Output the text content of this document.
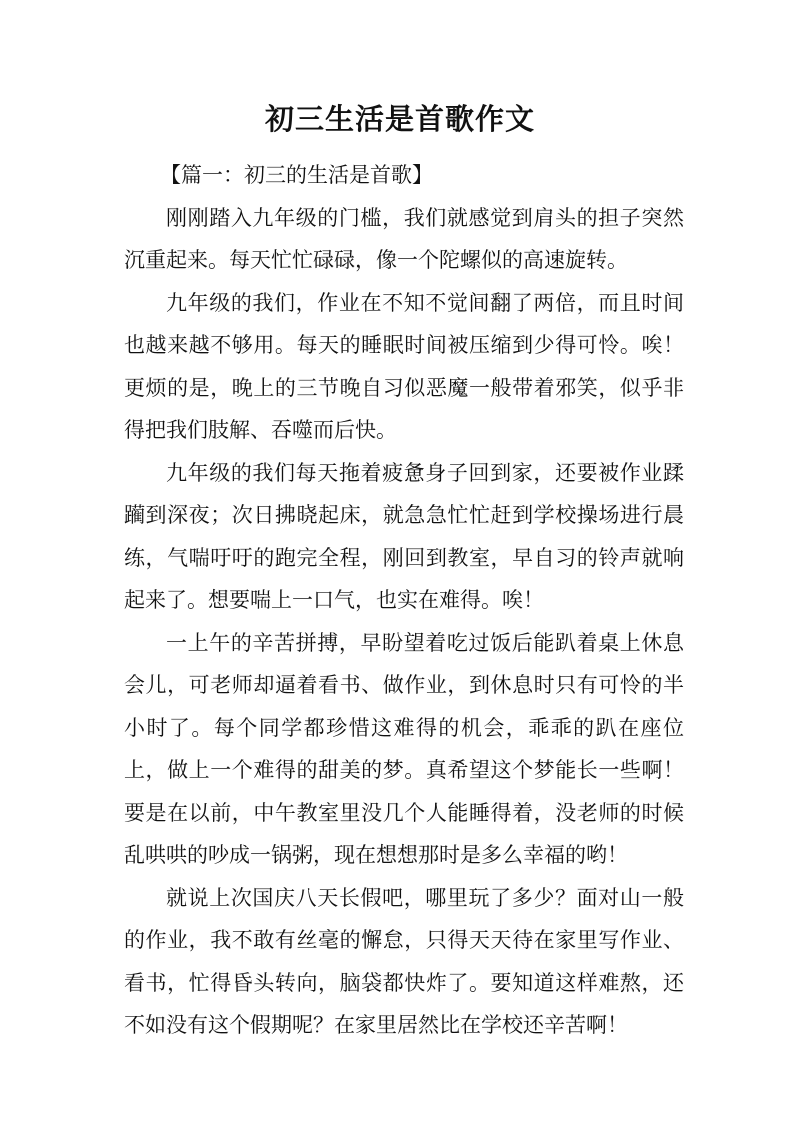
初三生活是首歌作文

【篇一：初三的生活是首歌】

刚刚踏入九年级的门槛，我们就感觉到肩头的担子突然沉重起来。每天忙忙碌碌，像一个陀螺似的高速旋转。

九年级的我们，作业在不知不觉间翻了两倍，而且时间也越来越不够用。每天的睡眠时间被压缩到少得可怜。唉！更烦的是，晚上的三节晚自习似恶魔一般带着邪笑，似乎非得把我们肢解、吞噬而后快。

九年级的我们每天拖着疲惫身子回到家，还要被作业蹂躏到深夜；次日拂晓起床，就急急忙忙赶到学校操场进行晨练，气喘吁吁的跑完全程，刚回到教室，早自习的铃声就响起来了。想要喘上一口气，也实在难得。唉！

一上午的辛苦拼搏，早盼望着吃过饭后能趴着桌上休息会儿，可老师却逼着看书、做作业，到休息时只有可怜的半小时了。每个同学都珍惜这难得的机会，乖乖的趴在座位上，做上一个难得的甜美的梦。真希望这个梦能长一些啊！要是在以前，中午教室里没几个人能睡得着，没老师的时候乱哄哄的吵成一锅粥，现在想想那时是多么幸福的哟！

就说上次国庆八天长假吧，哪里玩了多少？面对山一般的作业，我不敢有丝毫的懈怠，只得天天待在家里写作业、看书，忙得昏头转向，脑袋都快炸了。要知道这样难熬，还不如没有这个假期呢？在家里居然比在学校还辛苦啊！
